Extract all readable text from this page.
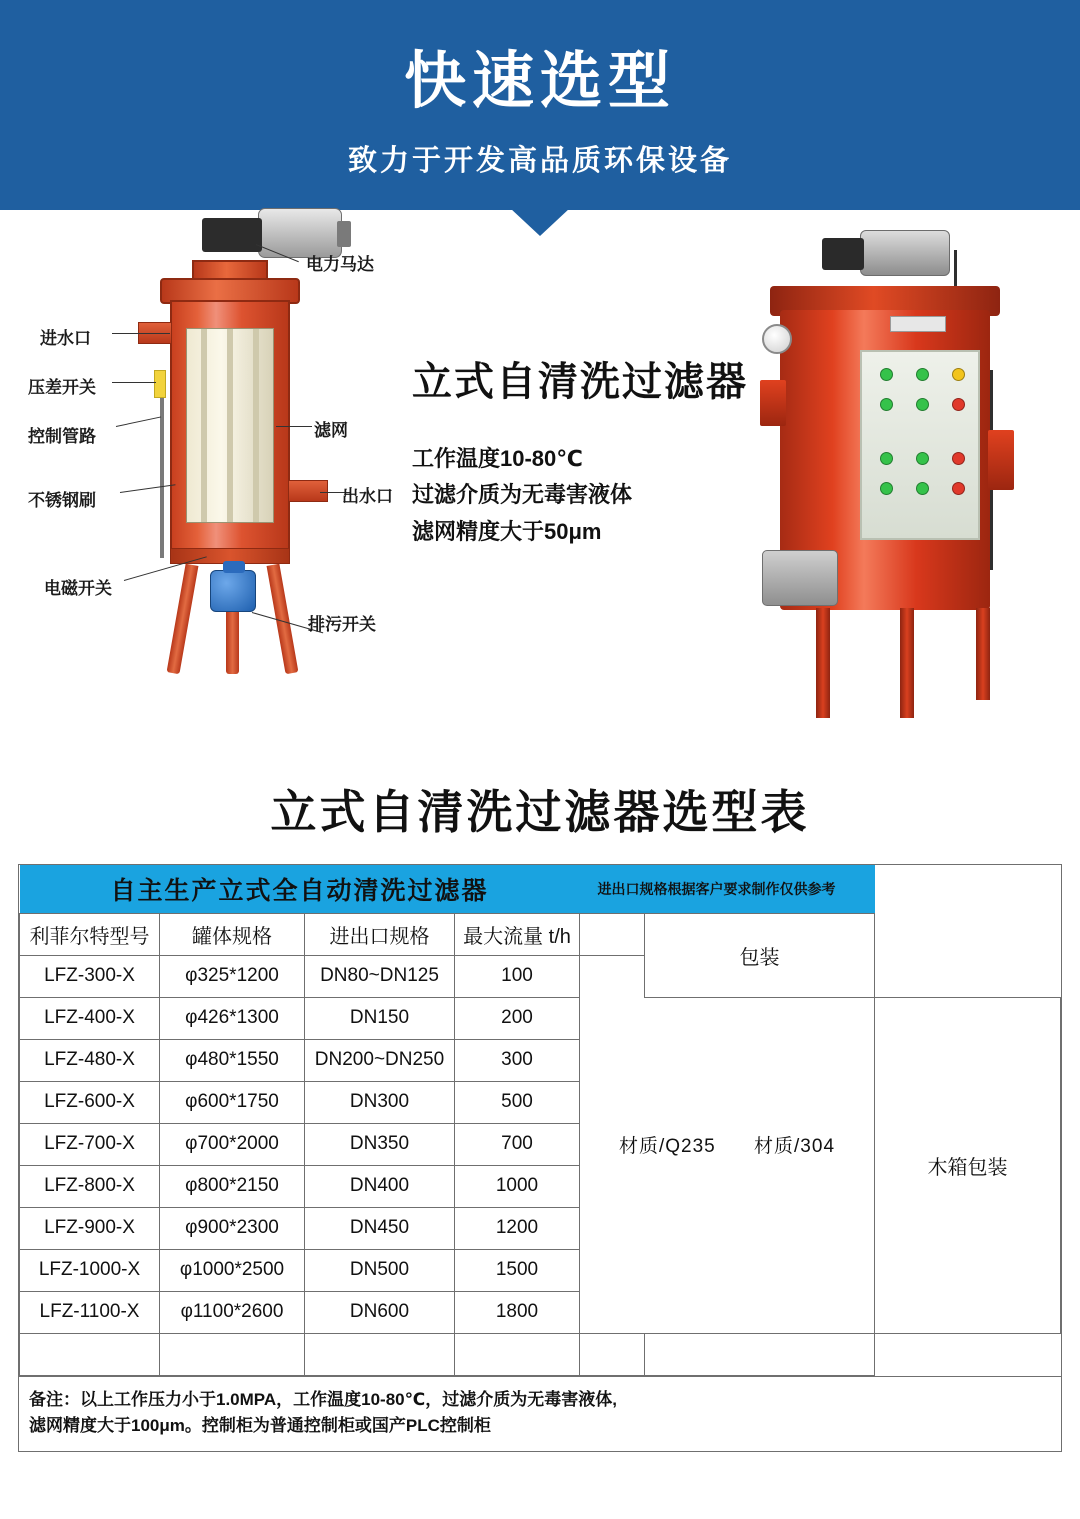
快速选型
致力于开发高品质环保设备
进水口
压差开关
控制管路
不锈钢刷
电磁开关
电力马达
滤网
出水口
排污开关
立式自清洗过滤器
工作温度10-80℃
过滤介质为无毒害液体
滤网精度大于50μm
立式自清洗过滤器选型表
自主生产立式全自动清洗过滤器				进出口规格根据客户要求制作仅供参考		
利菲尔特型号	罐体规格	进出口规格	最大流量 t/h		包装	
LFZ-300-X	φ325*1200	DN80~DN125	100	材质/Q235 材质/304		
LFZ-400-X	φ426*1300	DN150	200			木箱包装
LFZ-480-X	φ480*1550	DN200~DN250	300			
LFZ-600-X	φ600*1750	DN300	500			
LFZ-700-X	φ700*2000	DN350	700			
LFZ-800-X	φ800*2150	DN400	1000			
LFZ-900-X	φ900*2300	DN450	1200			
LFZ-1000-X	φ1000*2500	DN500	1500			
LFZ-1100-X	φ1100*2600	DN600	1800			

备注：以上工作压力小于1.0MPA，工作温度10-80℃，过滤介质为无毒害液体,
滤网精度大于100μm。控制柜为普通控制柜或国产PLC控制柜
